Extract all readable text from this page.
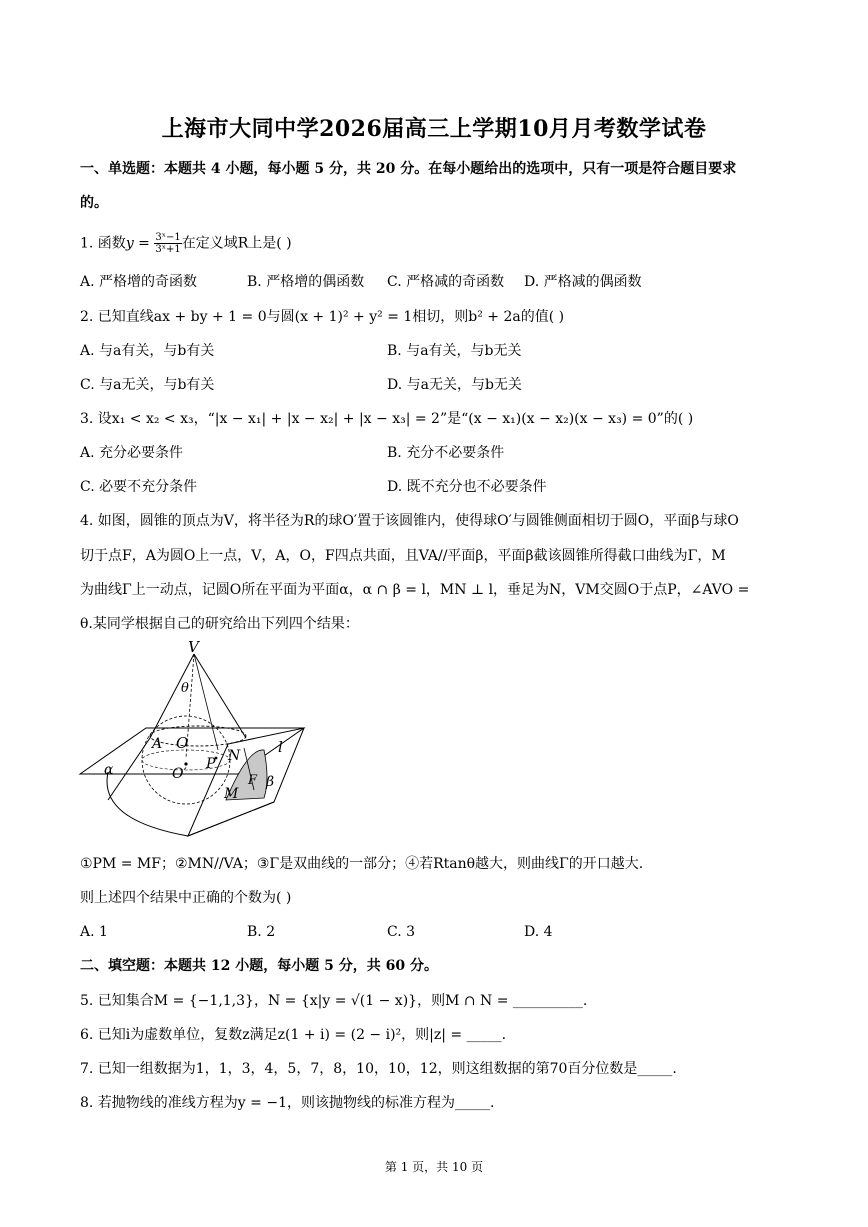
上海市大同中学2026届高三上学期10月月考数学试卷
一、单选题：本题共 4 小题，每小题 5 分，共 20 分。在每小题给出的选项中，只有一项是符合题目要求
的。
1. 函数$y = \frac{\text{3ˣ−1}}{\text{3ˣ+1}}$ 在定义域R上是( )
A. 严格增的奇函数	B. 严格增的偶函数 C. 严格减的奇函数 D. 严格减的偶函数
2. 已知直线ax + by + 1 = 0与圆(x + 1)² + y² = 1相切，则b² + 2a的值( )
A. 与a有关，与b有关	B. 与a有关，与b无关
C. 与a无关，与b有关	D. 与a无关，与b无关
3. 设x₁ < x₂ < x₃，“|x − x₁| + |x − x₂| + |x − x₃| = 2”是“(x − x₁)(x − x₂)(x − x₃) = 0”的( )
A. 充分必要条件	B. 充分不必要条件
C. 必要不充分条件	D. 既不充分也不必要条件
4. 如图，圆锥的顶点为V，将半径为R的球O′置于该圆锥内，使得球O′与圆锥侧面相切于圆O，平面β与球O
切于点F，A为圆O上一点，V，A，O，F四点共面，且VA//平面β，平面β截该圆锥所得截口曲线为Γ，M
为曲线Γ上一动点，记圆O所在平面为平面α，α ∩ β = l，MN ⊥ l，垂足为N，VM交圆O于点P，∠AVO =
θ.某同学根据自己的研究给出下列四个结果：
V
θ
A O
α	O′
P N	l
F
M
β
①PM = MF；②MN//VA；③Γ是双曲线的一部分；④若Rtanθ越大，则曲线Γ的开口越大.
则上述四个结果中正确的个数为( )
A. 1	B. 2	C. 3	D. 4
二、填空题：本题共 12 小题，每小题 5 分，共 60 分。
5. 已知集合M = {−1,1,3}，N = {x|y = √(1 − x)}，则M ∩ N = __________.
6. 已知i为虚数单位，复数z满足z(1 + i) = (2 − i)²，则|z| = _____.
7. 已知一组数据为1，1，3，4，5，7，8，10，10，12，则这组数据的第70百分位数是_____.
8. 若抛物线的准线方程为y = −1，则该抛物线的标准方程为_____.
第 1 页，共 10 页
